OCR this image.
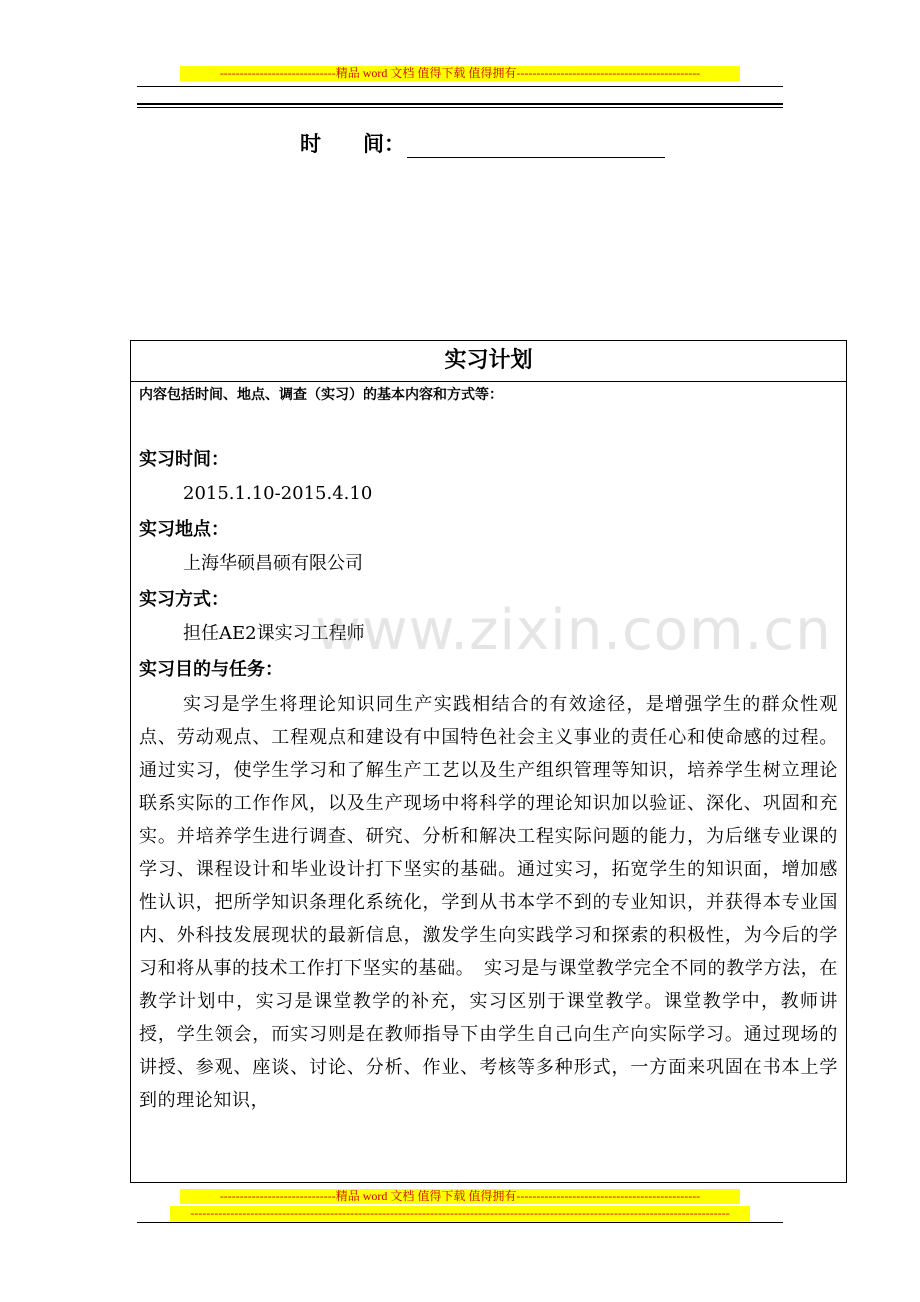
-----------------------------精品 word 文档 值得下载 值得拥有----------------------------------------------
时　　间：
实习计划
内容包括时间、地点、调查（实习）的基本内容和方式等：
实习时间：
2015.1.10-2015.4.10
实习地点：
上海华硕昌硕有限公司
实习方式：
担任AE2课实习工程师
实习目的与任务：
实习是学生将理论知识同生产实践相结合的有效途径，是增强学生的群众性观点、劳动观点、工程观点和建设有中国特色社会主义事业的责任心和使命感的过程。通过实习，使学生学习和了解生产工艺以及生产组织管理等知识，培养学生树立理论联系实际的工作作风，以及生产现场中将科学的理论知识加以验证、深化、巩固和充实。并培养学生进行调查、研究、分析和解决工程实际问题的能力，为后继专业课的学习、课程设计和毕业设计打下坚实的基础。通过实习，拓宽学生的知识面，增加感性认识，把所学知识条理化系统化，学到从书本学不到的专业知识，并获得本专业国内、外科技发展现状的最新信息，激发学生向实践学习和探索的积极性，为今后的学习和将从事的技术工作打下坚实的基础。　实习是与课堂教学完全不同的教学方法，在教学计划中，实习是课堂教学的补充，实习区别于课堂教学。课堂教学中，教师讲授，学生领会，而实习则是在教师指导下由学生自己向生产向实际学习。通过现场的讲授、参观、座谈、讨论、分析、作业、考核等多种形式，一方面来巩固在书本上学到的理论知识，
www.zixin.com.cn
-----------------------------精品 word 文档 值得下载 值得拥有----------------------------------------------
---------------------------------------------------------------------------------------------------------------------------------------
